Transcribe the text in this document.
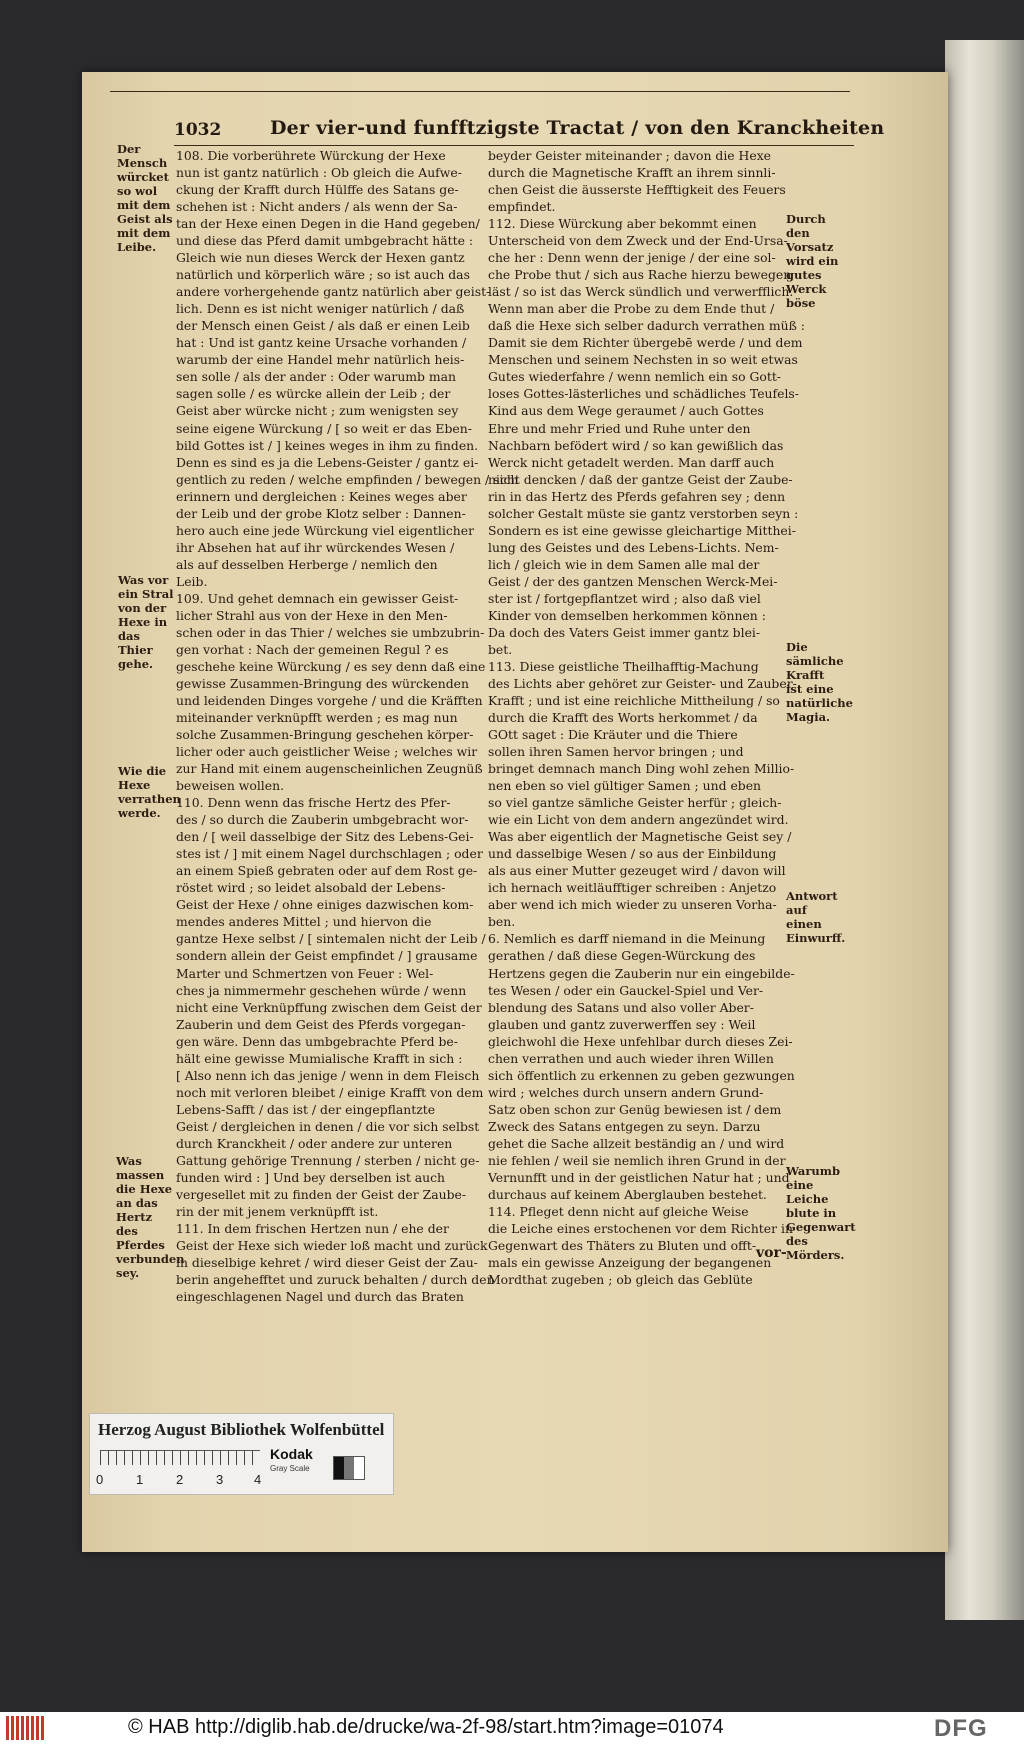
1032	Der vier-und funfftzigste Tractat / von den Kranckheiten
Der Mensch würcket so wol mit dem Geist als mit dem Leibe.
Was vor ein Stral von der Hexe in das Thier gehe.
Wie die Hexe verrathen werde.
Was massen die Hexe an das Hertz des Pferdes verbunden sey.
Durch den Vorsatz wird ein gutes Werck böse
Die sämliche Krafft ist eine natürliche Magia.
Antwort auf einen Einwurff.
Warumb eine Leiche blute in Gegenwart des Mörders.
108. Die vorberührete Würckung der Hexe
nun ist gantz natürlich : Ob gleich die Aufwe-
ckung der Krafft durch Hülffe des Satans ge-
schehen ist : Nicht anders / als wenn der Sa-
tan der Hexe einen Degen in die Hand gegeben/
und diese das Pferd damit umbgebracht hätte :
Gleich wie nun dieses Werck der Hexen gantz
natürlich und körperlich wäre ; so ist auch das
andere vorhergehende gantz natürlich aber geist-
lich. Denn es ist nicht weniger natürlich / daß
der Mensch einen Geist / als daß er einen Leib
hat : Und ist gantz keine Ursache vorhanden /
warumb der eine Handel mehr natürlich heis-
sen solle / als der ander : Oder warumb man
sagen solle / es würcke allein der Leib ; der
Geist aber würcke nicht ; zum wenigsten sey
seine eigene Würckung / [ so weit er das Eben-
bild Gottes ist / ] keines weges in ihm zu finden.
Denn es sind es ja die Lebens-Geister / gantz ei-
gentlich zu reden / welche empfinden / bewegen / sich
erinnern und dergleichen : Keines weges aber
der Leib und der grobe Klotz selber : Dannen-
hero auch eine jede Würckung viel eigentlicher
ihr Absehen hat auf ihr würckendes Wesen /
als auf desselben Herberge / nemlich den
Leib.
109. Und gehet demnach ein gewisser Geist-
licher Strahl aus von der Hexe in den Men-
schen oder in das Thier / welches sie umbzubrin-
gen vorhat : Nach der gemeinen Regul ? es
geschehe keine Würckung / es sey denn daß eine
gewisse Zusammen-Bringung des würckenden
und leidenden Dinges vorgehe / und die Kräfften
miteinander verknüpfft werden ; es mag nun
solche Zusammen-Bringung geschehen körper-
licher oder auch geistlicher Weise ; welches wir
zur Hand mit einem augenscheinlichen Zeugnüß
beweisen wollen.
110. Denn wenn das frische Hertz des Pfer-
des / so durch die Zauberin umbgebracht wor-
den / [ weil dasselbige der Sitz des Lebens-Gei-
stes ist / ] mit einem Nagel durchschlagen ; oder
an einem Spieß gebraten oder auf dem Rost ge-
röstet wird ; so leidet alsobald der Lebens-
Geist der Hexe / ohne einiges dazwischen kom-
mendes anderes Mittel ; und hiervon die
gantze Hexe selbst / [ sintemalen nicht der Leib /
sondern allein der Geist empfindet / ] grausame
Marter und Schmertzen von Feuer : Wel-
ches ja nimmermehr geschehen würde / wenn
nicht eine Verknüpffung zwischen dem Geist der
Zauberin und dem Geist des Pferds vorgegan-
gen wäre. Denn das umbgebrachte Pferd be-
hält eine gewisse Mumialische Krafft in sich :
[ Also nenn ich das jenige / wenn in dem Fleisch
noch mit verloren bleibet / einige Krafft von dem
Lebens-Safft / das ist / der eingepflantzte
Geist / dergleichen in denen / die vor sich selbst
durch Kranckheit / oder andere zur unteren
Gattung gehörige Trennung / sterben / nicht ge-
funden wird : ] Und bey derselben ist auch
vergesellet mit zu finden der Geist der Zaube-
rin der mit jenem verknüpfft ist.
111. In dem frischen Hertzen nun / ehe der
Geist der Hexe sich wieder loß macht und zurück
in dieselbige kehret / wird dieser Geist der Zau-
berin angehefftet und zuruck behalten / durch den
eingeschlagenen Nagel und durch das Braten
beyder Geister miteinander ; davon die Hexe
durch die Magnetische Krafft an ihrem sinnli-
chen Geist die äusserste Hefftigkeit des Feuers
empfindet.
112. Diese Würckung aber bekommt einen
Unterscheid von dem Zweck und der End-Ursa-
che her : Denn wenn der jenige / der eine sol-
che Probe thut / sich aus Rache hierzu bewegen
läst / so ist das Werck sündlich und verwerfflich.
Wenn man aber die Probe zu dem Ende thut /
daß die Hexe sich selber dadurch verrathen müß :
Damit sie dem Richter übergebē werde / und dem
Menschen und seinem Nechsten in so weit etwas
Gutes wiederfahre / wenn nemlich ein so Gott-
loses Gottes-lästerliches und schädliches Teufels-
Kind aus dem Wege geraumet / auch Gottes
Ehre und mehr Fried und Ruhe unter den
Nachbarn befödert wird / so kan gewißlich das
Werck nicht getadelt werden. Man darff auch
nicht dencken / daß der gantze Geist der Zaube-
rin in das Hertz des Pferds gefahren sey ; denn
solcher Gestalt müste sie gantz verstorben seyn :
Sondern es ist eine gewisse gleichartige Mitthei-
lung des Geistes und des Lebens-Lichts. Nem-
lich / gleich wie in dem Samen alle mal der
Geist / der des gantzen Menschen Werck-Mei-
ster ist / fortgepflantzet wird ; also daß viel
Kinder von demselben herkommen können :
Da doch des Vaters Geist immer gantz blei-
bet.
113. Diese geistliche Theilhafftig-Machung
des Lichts aber gehöret zur Geister- und Zauber-
Krafft ; und ist eine reichliche Mittheilung / so
durch die Krafft des Worts herkommet / da
GOtt saget : Die Kräuter und die Thiere
sollen ihren Samen hervor bringen ; und
bringet demnach manch Ding wohl zehen Millio-
nen eben so viel gültiger Samen ; und eben
so viel gantze sämliche Geister herfür ; gleich-
wie ein Licht von dem andern angezündet wird.
Was aber eigentlich der Magnetische Geist sey /
und dasselbige Wesen / so aus der Einbildung
als aus einer Mutter gezeuget wird / davon will
ich hernach weitläufftiger schreiben : Anjetzo
aber wend ich mich wieder zu unseren Vorha-
ben.
6. Nemlich es darff niemand in die Meinung
gerathen / daß diese Gegen-Würckung des
Hertzens gegen die Zauberin nur ein eingebilde-
tes Wesen / oder ein Gauckel-Spiel und Ver-
blendung des Satans und also voller Aber-
glauben und gantz zuverwerffen sey : Weil
gleichwohl die Hexe unfehlbar durch dieses Zei-
chen verrathen und auch wieder ihren Willen
sich öffentlich zu erkennen zu geben gezwungen
wird ; welches durch unsern andern Grund-
Satz oben schon zur Genüg bewiesen ist / dem
Zweck des Satans entgegen zu seyn. Darzu
gehet die Sache allzeit beständig an / und wird
nie fehlen / weil sie nemlich ihren Grund in der
Vernunfft und in der geistlichen Natur hat ; und
durchaus auf keinem Aberglauben bestehet.
114. Pfleget denn nicht auf gleiche Weise
die Leiche eines erstochenen vor dem Richter in
Gegenwart des Thäters zu Bluten und offt-
mals ein gewisse Anzeigung der begangenen
Mordthat zugeben ; ob gleich das Geblüte
vor-
Herzog August Bibliothek Wolfenbüttel
0	1	2	3 4
Kodak
Gray Scale
© HAB http://diglib.hab.de/drucke/wa-2f-98/start.htm?image=01074	DFG
